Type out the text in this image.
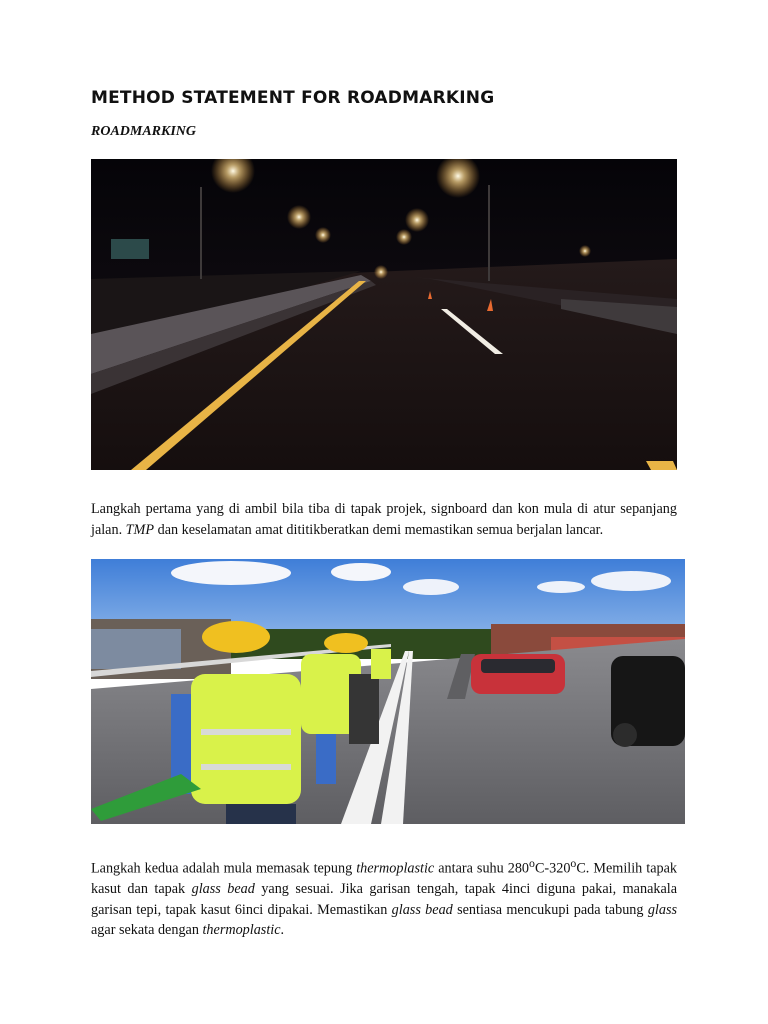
METHOD STATEMENT FOR ROADMARKING
ROADMARKING

Langkah pertama yang di ambil bila tiba di tapak projek, signboard dan kon mula di atur sepanjang jalan. TMP dan keselamatan amat dititikberatkan demi memastikan semua berjalan lancar.

Langkah kedua adalah mula memasak tepung thermoplastic antara suhu 280$^o$C-320$^o$C. Memilih tapak kasut dan tapak glass bead yang sesuai. Jika garisan tengah, tapak 4inci diguna pakai, manakala garisan tepi, tapak kasut 6inci dipakai. Memastikan glass bead sentiasa mencukupi pada tabung glass agar sekata dengan thermoplastic.
